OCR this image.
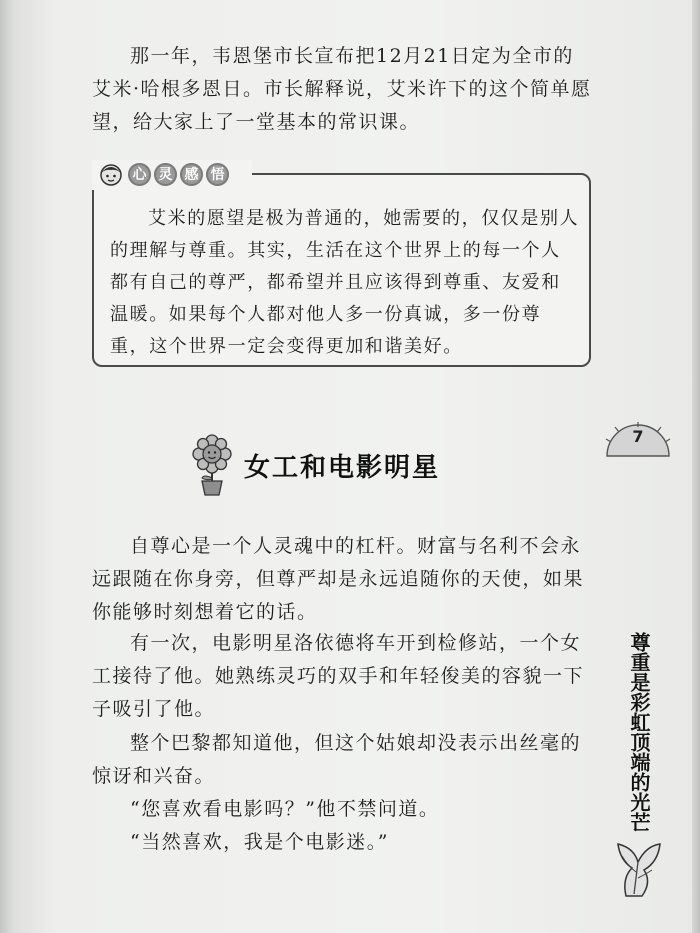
那一年，韦恩堡市长宣布把12月21日定为全市的艾米·哈根多恩日。市长解释说，艾米许下的这个简单愿望，给大家上了一堂基本的常识课。

心 灵 感 悟

艾米的愿望是极为普通的，她需要的，仅仅是别人的理解与尊重。其实，生活在这个世界上的每一个人都有自己的尊严，都希望并且应该得到尊重、友爱和温暖。如果每个人都对他人多一份真诚，多一份尊重，这个世界一定会变得更加和谐美好。

女工和电影明星

自尊心是一个人灵魂中的杠杆。财富与名利不会永远跟随在你身旁，但尊严却是永远追随你的天使，如果你能够时刻想着它的话。

有一次，电影明星洛依德将车开到检修站，一个女工接待了他。她熟练灵巧的双手和年轻俊美的容貌一下子吸引了他。

整个巴黎都知道他，但这个姑娘却没表示出丝毫的惊讶和兴奋。

“您喜欢看电影吗？”他不禁问道。

“当然喜欢，我是个电影迷。”

7
尊重是彩虹顶端的光芒
